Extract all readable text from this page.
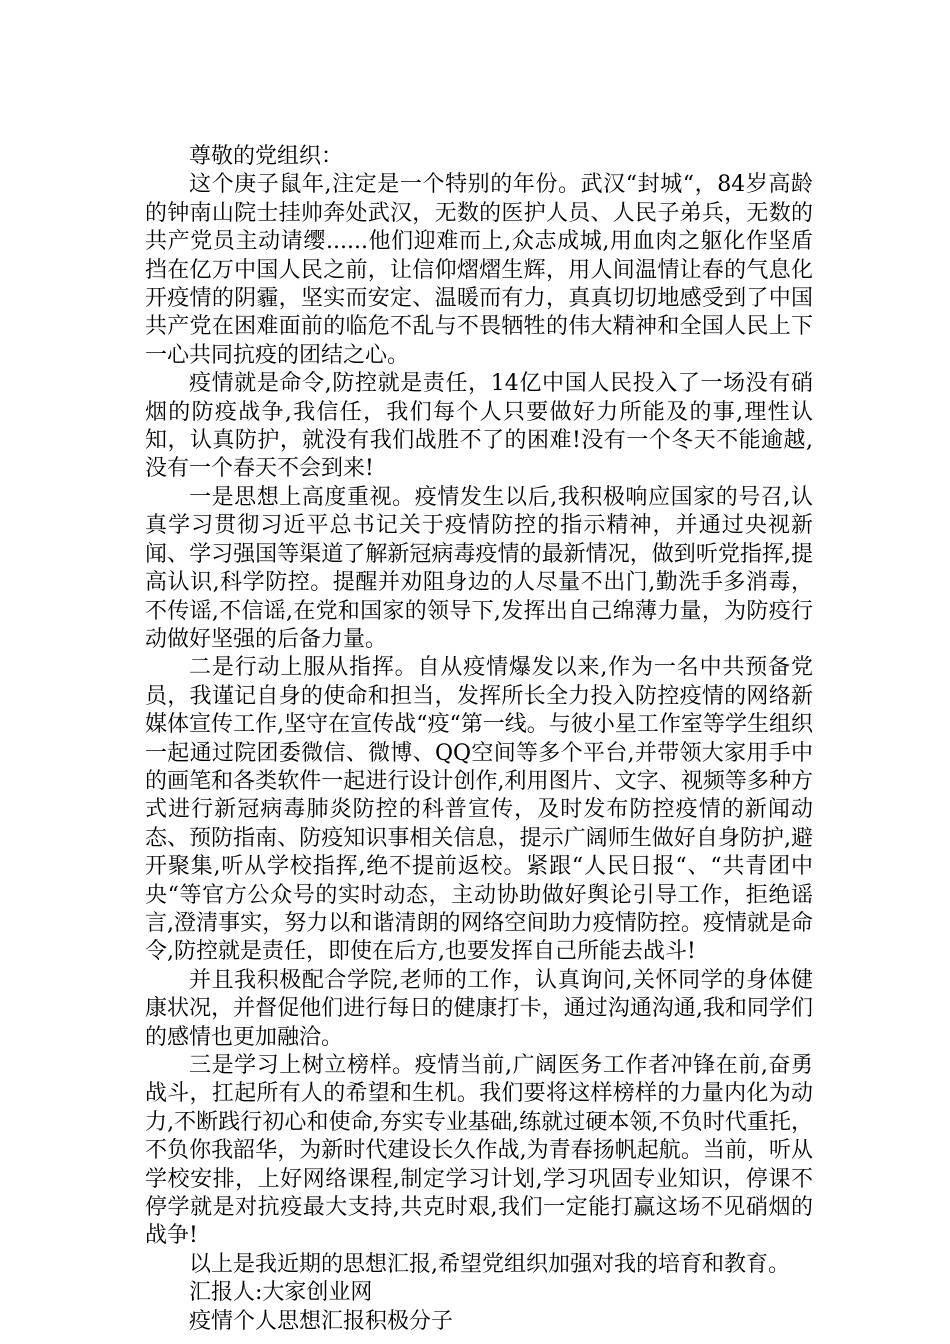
尊敬的党组织：

这个庚子鼠年,注定是一个特别的年份。武汉“封城“，84岁高龄的钟南山院士挂帅奔处武汉，无数的医护人员、人民子弟兵，无数的共产党员主动请缨......他们迎难而上,众志成城,用血肉之躯化作坚盾挡在亿万中国人民之前，让信仰熠熠生辉，用人间温情让春的气息化开疫情的阴霾，坚实而安定、温暖而有力，真真切切地感受到了中国共产党在困难面前的临危不乱与不畏牺牲的伟大精神和全国人民上下一心共同抗疫的团结之心。

疫情就是命令,防控就是责任，14亿中国人民投入了一场没有硝烟的防疫战争,我信任，我们每个人只要做好力所能及的事,理性认知，认真防护，就没有我们战胜不了的困难!没有一个冬天不能逾越,没有一个春天不会到来!

一是思想上高度重视。疫情发生以后,我积极响应国家的号召,认真学习贯彻习近平总书记关于疫情防控的指示精神，并通过央视新闻、学习强国等渠道了解新冠病毒疫情的最新情况，做到听党指挥,提高认识,科学防控。提醒并劝阻身边的人尽量不出门,勤洗手多消毒，不传谣,不信谣,在党和国家的领导下,发挥出自己绵薄力量，为防疫行动做好坚强的后备力量。

二是行动上服从指挥。自从疫情爆发以来,作为一名中共预备党员，我谨记自身的使命和担当，发挥所长全力投入防控疫情的网络新媒体宣传工作,坚守在宣传战“疫“第一线。与彼小星工作室等学生组织一起通过院团委微信、微博、QQ空间等多个平台,并带领大家用手中的画笔和各类软件一起进行设计创作,利用图片、文字、视频等多种方式进行新冠病毒肺炎防控的科普宣传，及时发布防控疫情的新闻动态、预防指南、防疫知识事相关信息，提示广阔师生做好自身防护,避开聚集,听从学校指挥,绝不提前返校。紧跟“人民日报“、“共青团中央“等官方公众号的实时动态，主动协助做好舆论引导工作，拒绝谣言,澄清事实，努力以和谐清朗的网络空间助力疫情防控。疫情就是命令,防控就是责任，即使在后方,也要发挥自己所能去战斗!

并且我积极配合学院,老师的工作，认真询问,关怀同学的身体健康状况，并督促他们进行每日的健康打卡，通过沟通沟通,我和同学们的感情也更加融洽。

三是学习上树立榜样。疫情当前,广阔医务工作者冲锋在前,奋勇战斗，扛起所有人的希望和生机。我们要将这样榜样的力量内化为动力,不断践行初心和使命,夯实专业基础,练就过硬本领,不负时代重托，不负你我韶华，为新时代建设长久作战,为青春扬帆起航。当前，听从学校安排，上好网络课程,制定学习计划,学习巩固专业知识，停课不停学就是对抗疫最大支持,共克时艰,我们一定能打赢这场不见硝烟的战争!

以上是我近期的思想汇报,希望党组织加强对我的培育和教育。

汇报人:大家创业网

疫情个人思想汇报积极分子
